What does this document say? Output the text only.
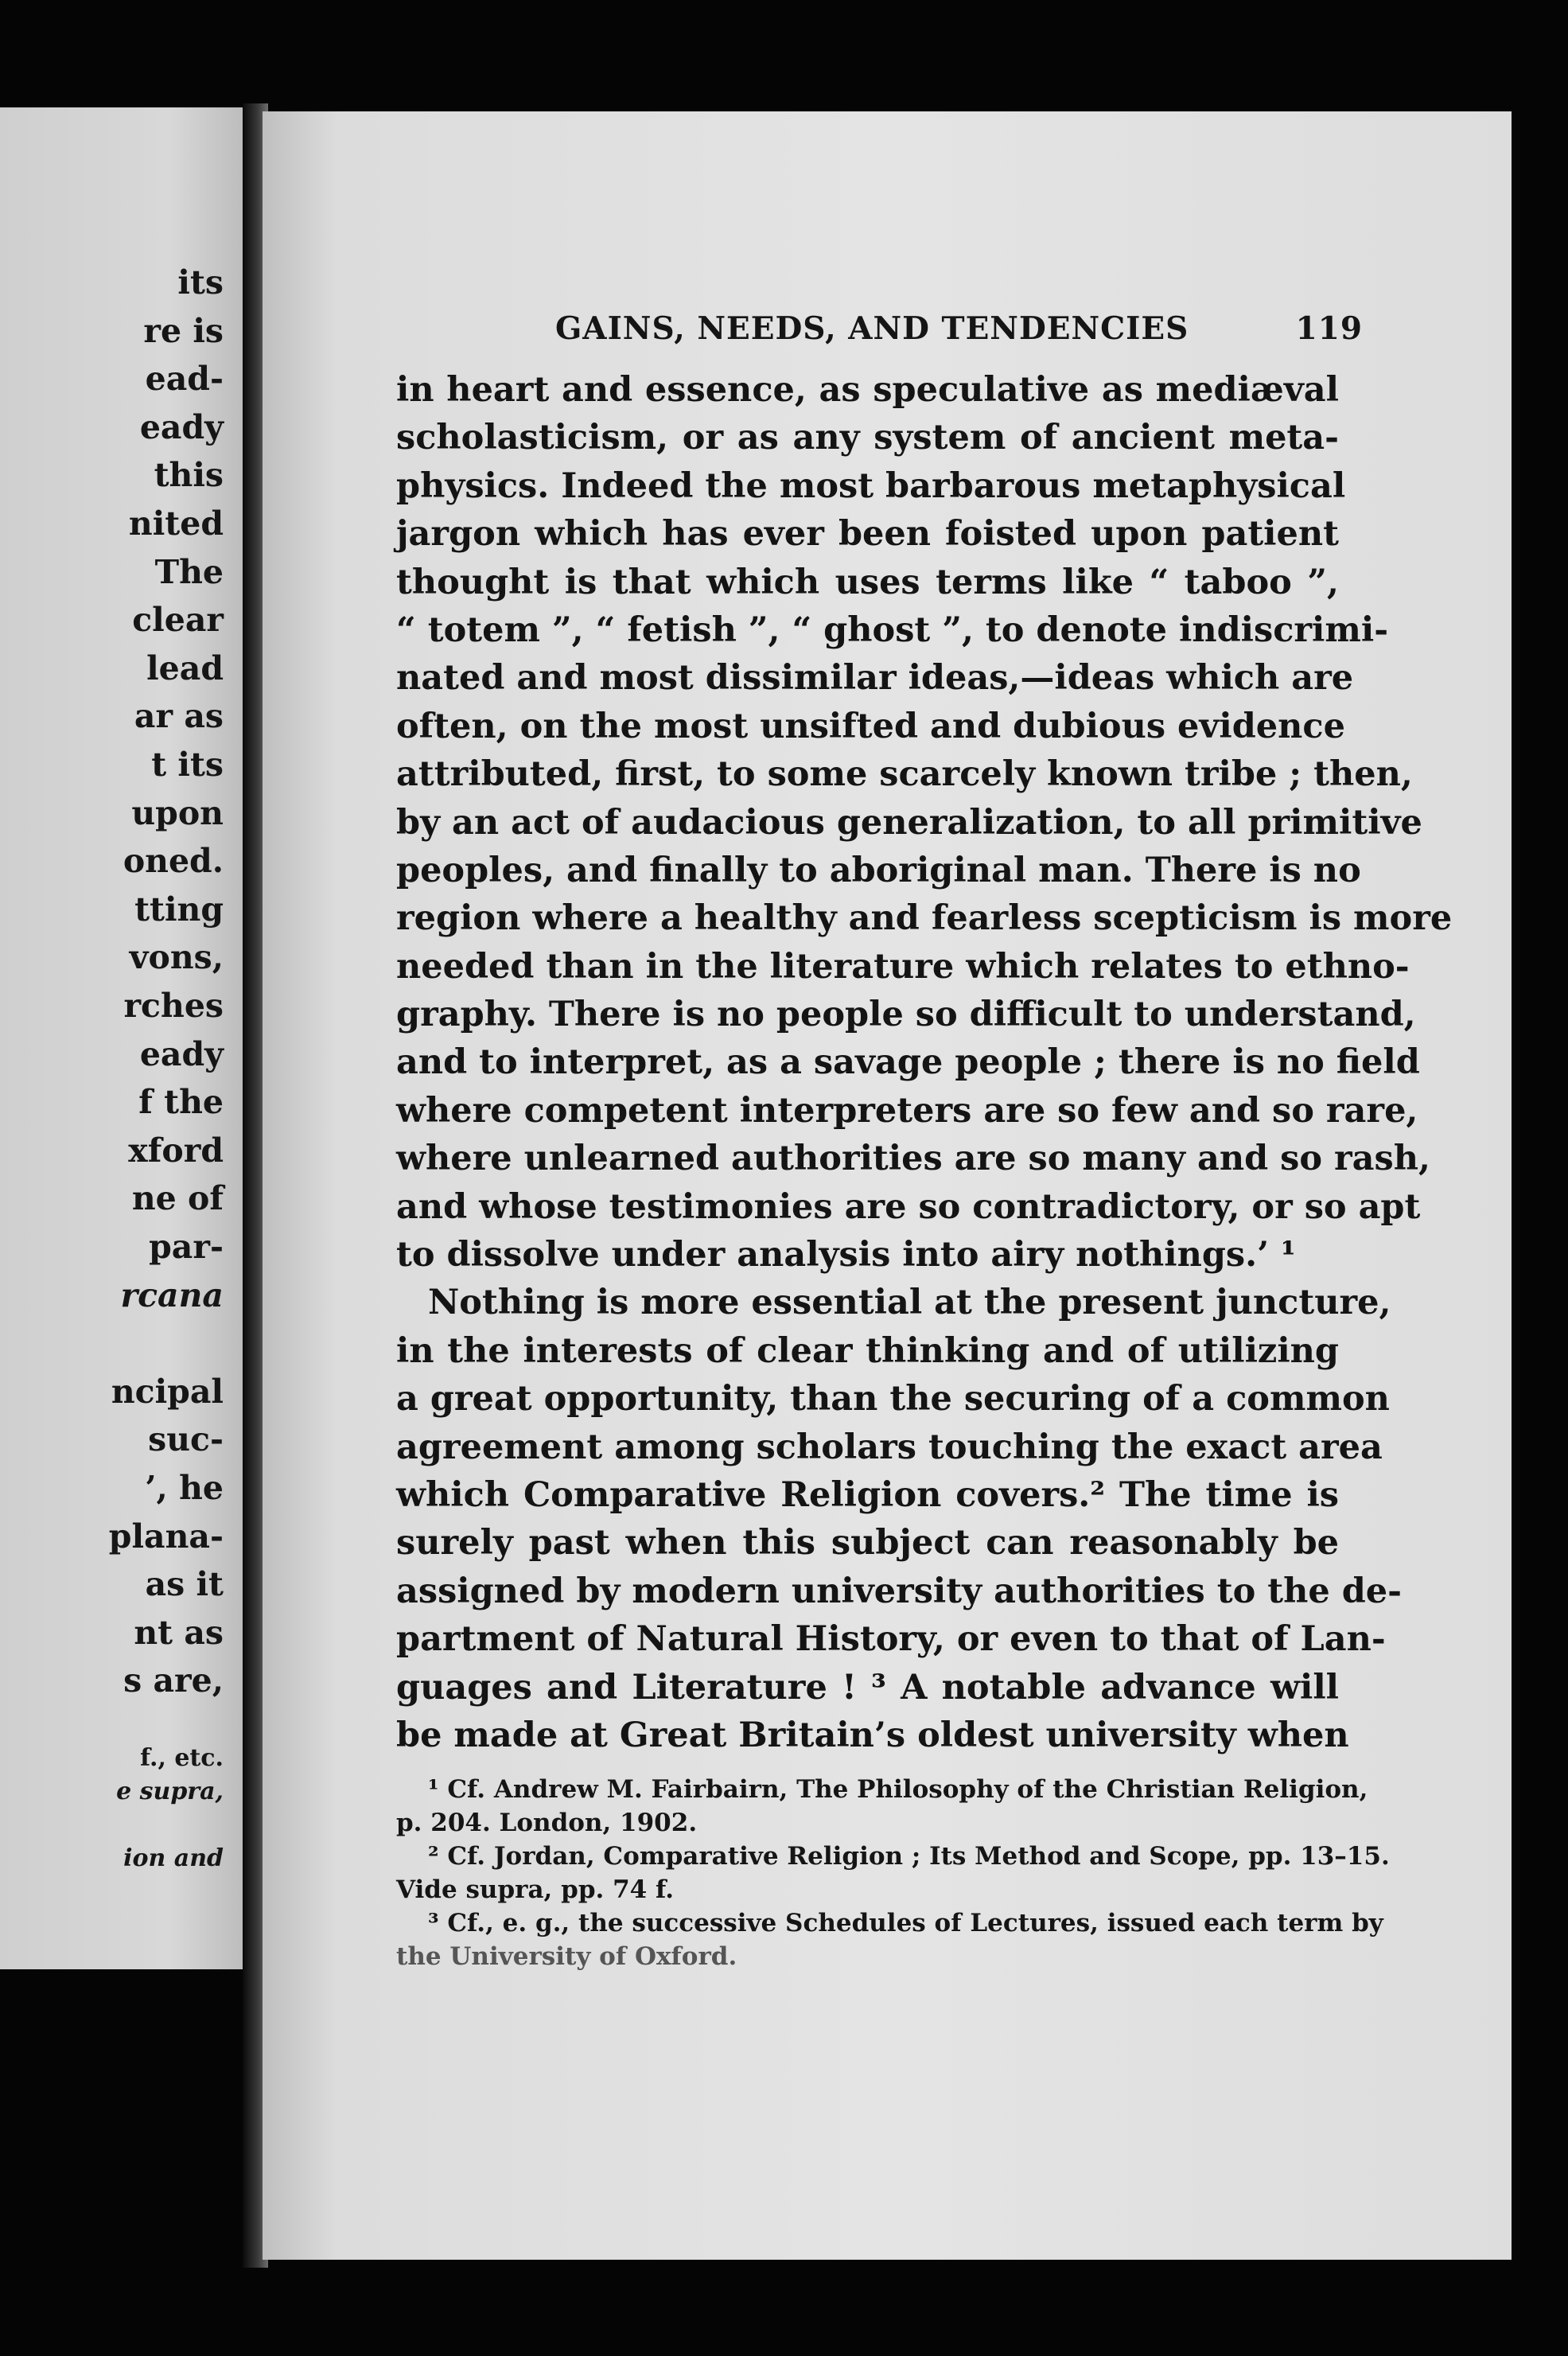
its
re is
ead-
eady
this
nited
The
clear
lead
ar as
t its
upon
oned.
tting
vons,
rches
eady
f the
xford
ne of
par-
rcana
ncipal
suc-
’, he
plana-
as it
nt as
s are,
f., etc.
e supra,
ion and
GAINS, NEEDS, AND TENDENCIES	119
in heart and essence, as speculative as mediæval
scholasticism, or as any system of ancient meta-
physics. Indeed the most barbarous metaphysical
jargon which has ever been foisted upon patient
thought is that which uses terms like “ taboo ”,
“ totem ”, “ fetish ”, “ ghost ”, to denote indiscrimi-
nated and most dissimilar ideas,—ideas which are
often, on the most unsifted and dubious evidence
attributed, first, to some scarcely known tribe ; then,
by an act of audacious generalization, to all primitive
peoples, and finally to aboriginal man. There is no
region where a healthy and fearless scepticism is more
needed than in the literature which relates to ethno-
graphy. There is no people so difficult to understand,
and to interpret, as a savage people ; there is no field
where competent interpreters are so few and so rare,
where unlearned authorities are so many and so rash,
and whose testimonies are so contradictory, or so apt
to dissolve under analysis into airy nothings.’ ¹
Nothing is more essential at the present juncture,
in the interests of clear thinking and of utilizing
a great opportunity, than the securing of a common
agreement among scholars touching the exact area
which Comparative Religion covers.² The time is
surely past when this subject can reasonably be
assigned by modern university authorities to the de-
partment of Natural History, or even to that of Lan-
guages and Literature ! ³ A notable advance will
be made at Great Britain’s oldest university when
¹ Cf. Andrew M. Fairbairn, The Philosophy of the Christian Religion,
p. 204. London, 1902.
² Cf. Jordan, Comparative Religion ; Its Method and Scope, pp. 13–15.
Vide supra, pp. 74 f.
³ Cf., e. g., the successive Schedules of Lectures, issued each term by
the University of Oxford.
